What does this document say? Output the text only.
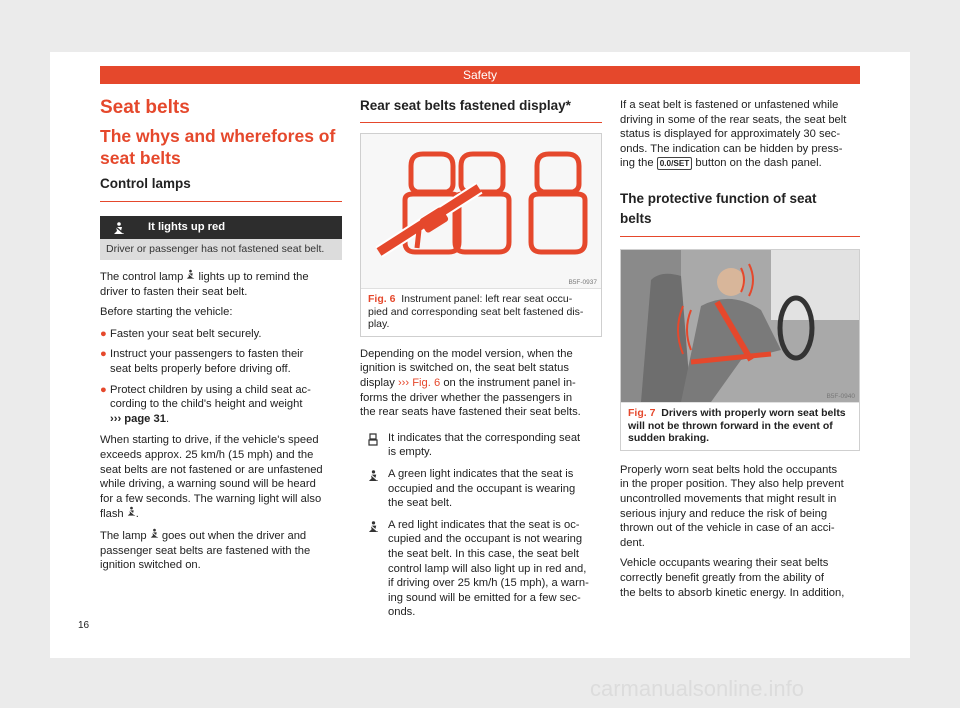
Safety
Seat belts
The whys and wherefores of seat belts
Control lamps
It lights up red
Driver or passenger has not fastened seat belt.

The control lamp lights up to remind the
driver to fasten their seat belt.

Before starting the vehicle:

● Fasten your seat belt securely.

● Instruct your passengers to fasten their
seat belts properly before driving off.

● Protect children by using a child seat ac-
cording to the child's height and weight
››› page 31.

When starting to drive, if the vehicle's speed
exceeds approx. 25 km/h (15 mph) and the
seat belts are not fastened or are unfastened
while driving, a warning sound will be heard
for a few seconds. The warning light will also
flash .

The lamp goes out when the driver and
passenger seat belts are fastened with the
ignition switched on.

Rear seat belts fastened display*
B5F-0937
Fig. 6 Instrument panel: left rear seat occu- pied and corresponding seat belt fastened dis- play.

Depending on the model version, when the
ignition is switched on, the seat belt status
display ››› Fig. 6 on the instrument panel in-
forms the driver whether the passengers in
the rear seats have fastened their seat belts.

It indicates that the corresponding seat
is empty.

A green light indicates that the seat is
occupied and the occupant is wearing
the seat belt.

A red light indicates that the seat is oc-
cupied and the occupant is not wearing
the seat belt. In this case, the seat belt
control lamp will also light up in red and,
if driving over 25 km/h (15 mph), a warn-
ing sound will be emitted for a few sec-
onds.

If a seat belt is fastened or unfastened while
driving in some of the rear seats, the seat belt
status is displayed for approximately 30 sec-
onds. The indication can be hidden by press-
ing the 0.0/SET button on the dash panel.

The protective function of seat
belts
B5F-0940
Fig. 7 Drivers with properly worn seat belts will not be thrown forward in the event of sudden braking.

Properly worn seat belts hold the occupants
in the proper position. They also help prevent
uncontrolled movements that might result in
serious injury and reduce the risk of being
thrown out of the vehicle in case of an acci-
dent.

Vehicle occupants wearing their seat belts
correctly benefit greatly from the ability of
the belts to absorb kinetic energy. In addition,

16
carmanualsonline.info
